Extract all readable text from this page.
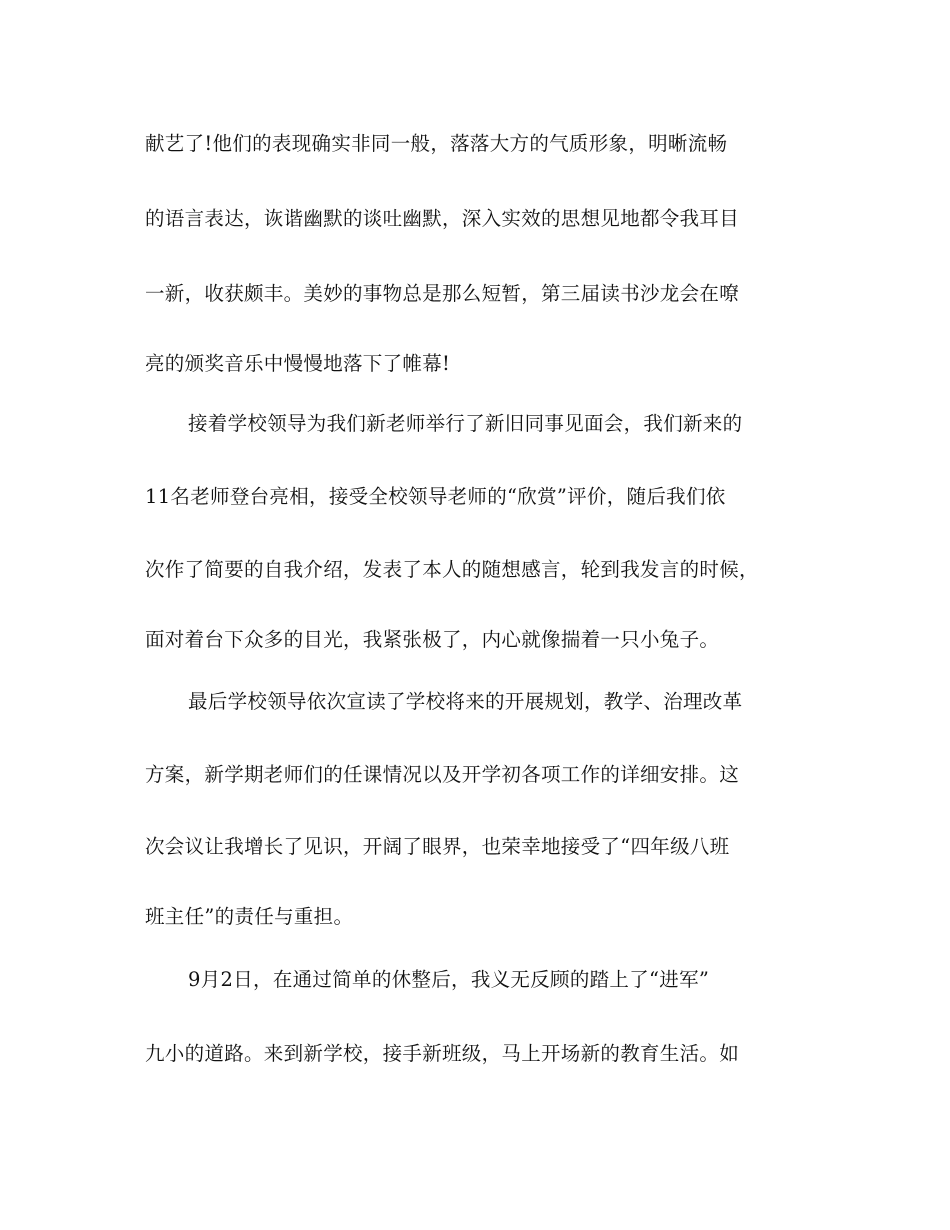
献艺了!他们的表现确实非同一般，落落大方的气质形象，明晰流畅
的语言表达，诙谐幽默的谈吐幽默，深入实效的思想见地都令我耳目
一新，收获颇丰。美妙的事物总是那么短暂，第三届读书沙龙会在嘹
亮的颁奖音乐中慢慢地落下了帷幕!
接着学校领导为我们新老师举行了新旧同事见面会，我们新来的
11名老师登台亮相，接受全校领导老师的“欣赏”评价，随后我们依
次作了简要的自我介绍，发表了本人的随想感言，轮到我发言的时候，
面对着台下众多的目光，我紧张极了，内心就像揣着一只小兔子。
最后学校领导依次宣读了学校将来的开展规划，教学、治理改革
方案，新学期老师们的任课情况以及开学初各项工作的详细安排。这
次会议让我增长了见识，开阔了眼界，也荣幸地接受了“四年级八班
班主任”的责任与重担。
9月2日，在通过简单的休整后，我义无反顾的踏上了“进军”
九小的道路。来到新学校，接手新班级，马上开场新的教育生活。如
